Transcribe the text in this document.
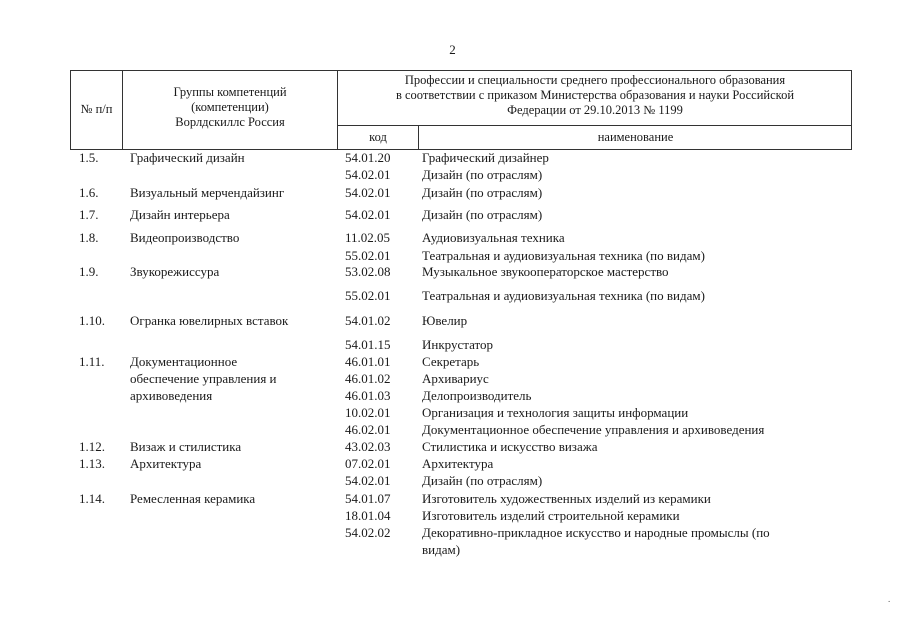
2
№ п/п
Группы компетенций
(компетенции)
Ворлдскиллс Россия
Профессии и специальности среднего профессионального образования
в соответствии с приказом Министерства образования и науки Российской
Федерации от 29.10.2013 № 1199
код	наименование
1.5. Графический дизайн	54.01.20 Графический дизайнер
54.02.01 Дизайн (по отраслям)
1.6. Визуальный мерчендайзинг	54.02.01 Дизайн (по отраслям)
1.7. Дизайн интерьера	54.02.01 Дизайн (по отраслям)
1.8. Видеопроизводство	11.02.05 Аудиовизуальная техника
55.02.01 Театральная и аудиовизуальная техника (по видам)
1.9. Звукорежиссура	53.02.08 Музыкальное звукооператорское мастерство
55.02.01 Театральная и аудиовизуальная техника (по видам)
1.10. Огранка ювелирных вставок	54.01.02 Ювелир
54.01.15 Инкрустатор
1.11. Документационное	46.01.01 Секретарь
обеспечение управления и	46.01.02 Архивариус
архивоведения	46.01.03 Делопроизводитель
10.02.01 Организация и технология защиты информации
46.02.01 Документационное обеспечение управления и архивоведения
1.12. Визаж и стилистика	43.02.03 Стилистика и искусство визажа
1.13. Архитектура	07.02.01 Архитектура
54.02.01 Дизайн (по отраслям)
1.14. Ремесленная керамика	54.01.07 Изготовитель художественных изделий из керамики
18.01.04 Изготовитель изделий строительной керамики
54.02.02 Декоративно-прикладное искусство и народные промыслы (по
видам)
.
